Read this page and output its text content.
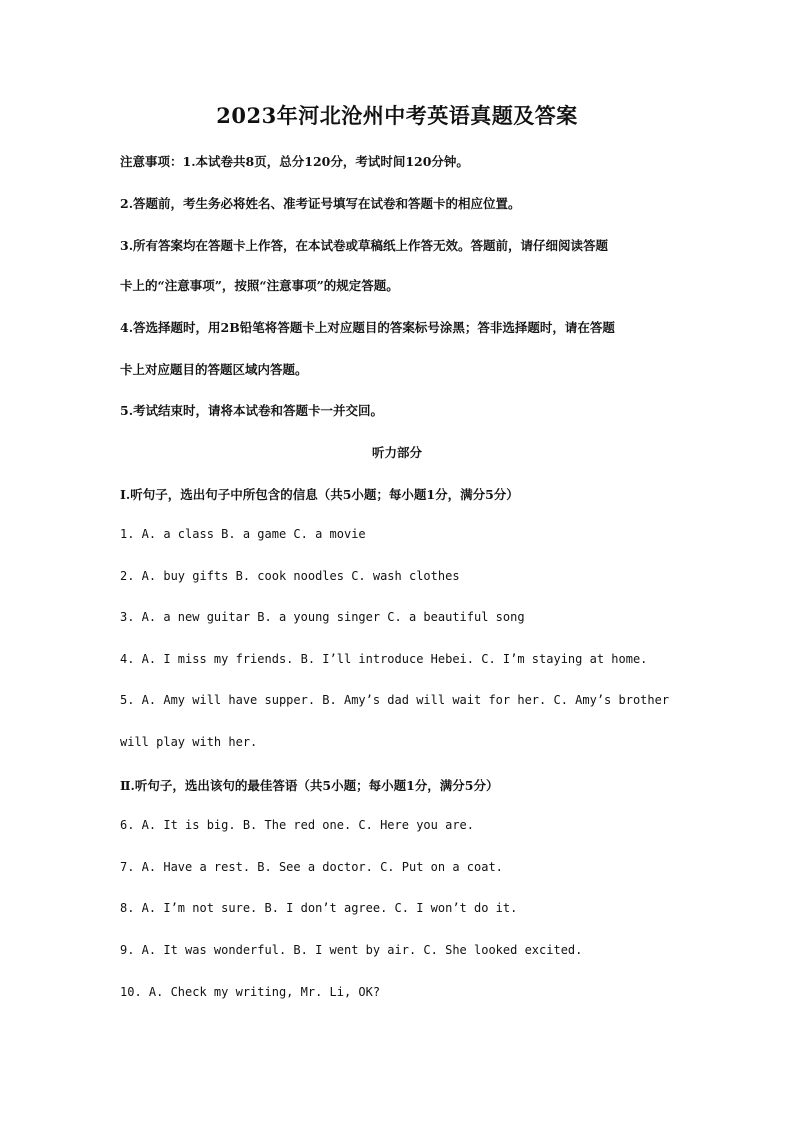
2023年河北沧州中考英语真题及答案
注意事项：1.本试卷共8页，总分120分，考试时间120分钟。
2.答题前，考生务必将姓名、准考证号填写在试卷和答题卡的相应位置。
3.所有答案均在答题卡上作答，在本试卷或草稿纸上作答无效。答题前，请仔细阅读答题
卡上的“注意事项”，按照“注意事项”的规定答题。
4.答选择题时，用2B铅笔将答题卡上对应题目的答案标号涂黑；答非选择题时，请在答题
卡上对应题目的答题区域内答题。
5.考试结束时，请将本试卷和答题卡一并交回。
听力部分
Ⅰ.听句子，选出句子中所包含的信息（共5小题；每小题1分，满分5分）
1. A. a class B. a game C. a movie
2. A. buy gifts B. cook noodles C. wash clothes
3. A. a new guitar B. a young singer C. a beautiful song
4. A. I miss my friends. B. I’ll introduce Hebei. C. I’m staying at home.
5. A. Amy will have supper. B. Amy’s dad will wait for her. C. Amy’s brother
will play with her.
Ⅱ.听句子，选出该句的最佳答语（共5小题；每小题1分，满分5分）
6. A. It is big. B. The red one. C. Here you are.
7. A. Have a rest. B. See a doctor. C. Put on a coat.
8. A. I’m not sure. B. I don’t agree. C. I won’t do it.
9. A. It was wonderful. B. I went by air. C. She looked excited.
10. A. Check my writing, Mr. Li, OK?
